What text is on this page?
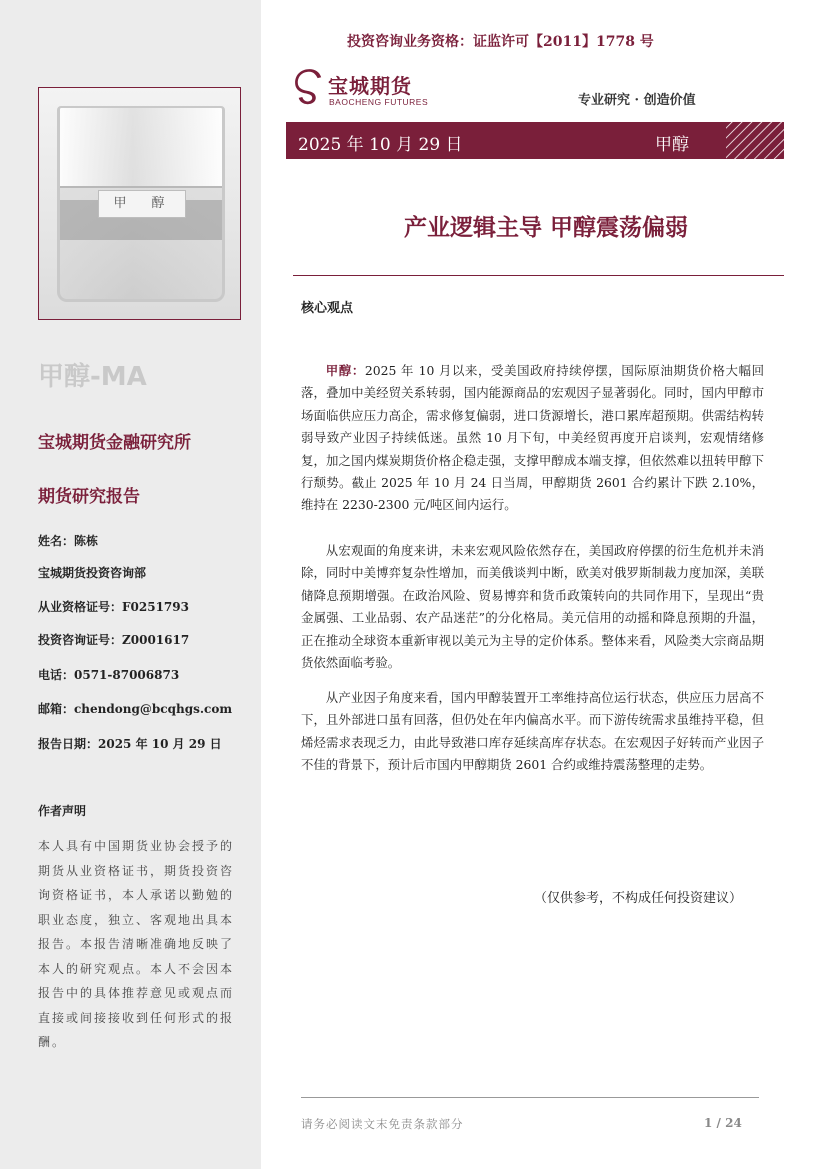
甲　醇
甲醇-MA
宝城期货金融研究所
期货研究报告
姓名：陈栋
宝城期货投资咨询部
从业资格证号：F0251793
投资咨询证号：Z0001617
电话：0571-87006873
邮箱：chendong@bcqhgs.com
报告日期：2025 年 10 月 29 日
作者声明
本人具有中国期货业协会授予的期货从业资格证书，期货投资咨询资格证书，本人承诺以勤勉的职业态度，独立、客观地出具本报告。本报告清晰准确地反映了本人的研究观点。本人不会因本报告中的具体推荐意见或观点而直接或间接接收到任何形式的报酬。
投资咨询业务资格：证监许可【2011】1778 号
宝城期货
BAOCHENG FUTURES	专业研究 · 创造价值
2025 年 10 月 29 日	甲醇
产业逻辑主导 甲醇震荡偏弱
核心观点
甲醇：2025 年 10 月以来，受美国政府持续停摆，国际原油期货价格大幅回落，叠加中美经贸关系转弱，国内能源商品的宏观因子显著弱化。同时，国内甲醇市场面临供应压力高企，需求修复偏弱，进口货源增长，港口累库超预期。供需结构转弱导致产业因子持续低迷。虽然 10 月下旬，中美经贸再度开启谈判，宏观情绪修复，加之国内煤炭期货价格企稳走强，支撑甲醇成本端支撑，但依然难以扭转甲醇下行颓势。截止 2025 年 10 月 24 日当周，甲醇期货 2601 合约累计下跌 2.10%，维持在 2230-2300 元/吨区间内运行。
从宏观面的角度来讲，未来宏观风险依然存在，美国政府停摆的衍生危机并未消除，同时中美博弈复杂性增加，而美俄谈判中断，欧美对俄罗斯制裁力度加深，美联储降息预期增强。在政治风险、贸易博弈和货币政策转向的共同作用下，呈现出“贵金属强、工业品弱、农产品迷茫”的分化格局。美元信用的动摇和降息预期的升温，正在推动全球资本重新审视以美元为主导的定价体系。整体来看，风险类大宗商品期货依然面临考验。
从产业因子角度来看，国内甲醇装置开工率维持高位运行状态，供应压力居高不下，且外部进口虽有回落，但仍处在年内偏高水平。而下游传统需求虽维持平稳，但烯烃需求表现乏力，由此导致港口库存延续高库存状态。在宏观因子好转而产业因子不佳的背景下，预计后市国内甲醇期货 2601 合约或维持震荡整理的走势。
（仅供参考，不构成任何投资建议）
请务必阅读文末免责条款部分	1 / 24
